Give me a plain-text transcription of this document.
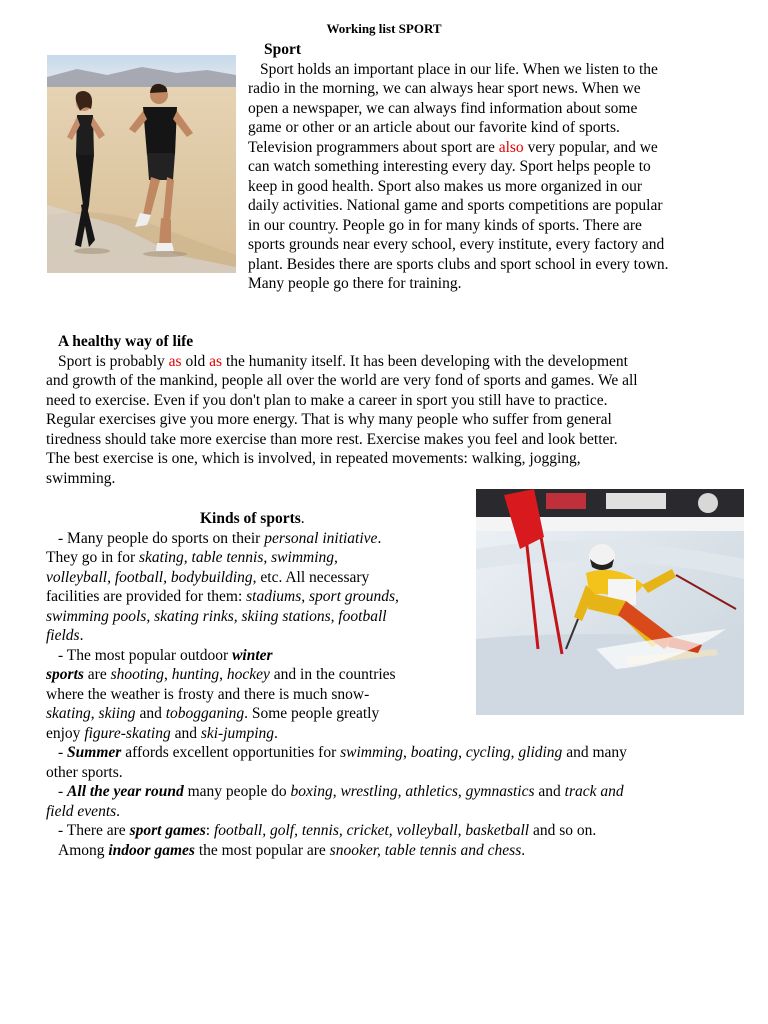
Working list SPORT

Sport
Sport holds an important place in our life. When we listen to the
radio in the morning, we can always hear sport news. When we
open a newspaper, we can always find information about some
game or other or an article about our favorite kind of sports.
Television programmers about sport are also very popular, and we
can watch something interesting every day. Sport helps people to
keep in good health. Sport also makes us more organized in our
daily activities. National game and sports competitions are popular
in our country. People go in for many kinds of sports. There are
sports grounds near every school, every institute, every factory and
plant. Besides there are sports clubs and sport school in every town.
Many people go there for training.

A healthy way of life
Sport is probably as old as the humanity itself. It has been developing with the development
and growth of the mankind, people all over the world are very fond of sports and games. We all
need to exercise. Even if you don't plan to make a career in sport you still have to practice.
Regular exercises give you more energy. That is why many people who suffer from general
tiredness should take more exercise than more rest. Exercise makes you feel and look better.
The best exercise is one, which is involved, in repeated movements: walking, jogging,
swimming.

Kinds of sports.
- Many people do sports on their personal initiative.
They go in for skating, table tennis, swimming,
volleyball, football, bodybuilding, etc. All necessary
facilities are provided for them: stadiums, sport grounds,
swimming pools, skating rinks, skiing stations, football
fields.
- The most popular outdoor winter
sports are shooting, hunting, hockey and in the countries
where the weather is frosty and there is much snow-
skating, skiing and tobogganing. Some people greatly
enjoy figure-skating and ski-jumping.
- Summer affords excellent opportunities for swimming, boating, cycling, gliding and many
other sports.
- All the year round many people do boxing, wrestling, athletics, gymnastics and track and
field events.
- There are sport games: football, golf, tennis, cricket, volleyball, basketball and so on.
Among indoor games the most popular are snooker, table tennis and chess.
